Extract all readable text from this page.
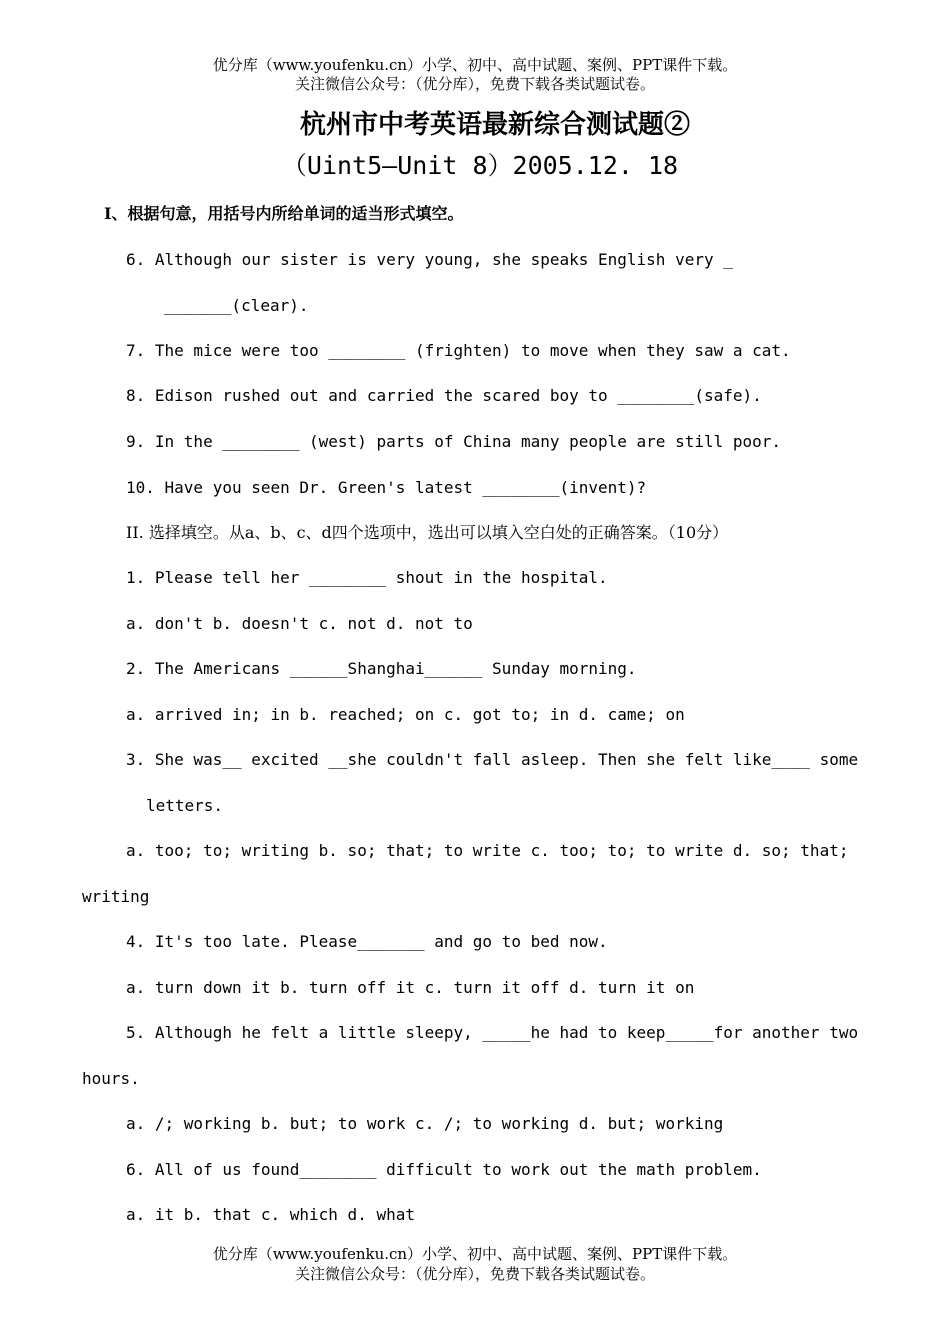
优分库（www.youfenku.cn）小学、初中、高中试题、案例、PPT课件下载。
关注微信公众号：（优分库），免费下载各类试题试卷。
杭州市中考英语最新综合测试题②
（Uint5—Unit 8）2005.12. 18
Ⅰ、根据句意，用括号内所给单词的适当形式填空。
6. Although our sister is very young, she speaks English very _
_______(clear).
7. The mice were too ________ (frighten) to move when they saw a cat.
8. Edison rushed out and carried the scared boy to ________(safe).
9. In the ________ (west) parts of China many people are still poor.
10. Have you seen Dr. Green's latest ________(invent)?
II. 选择填空。从a、b、c、d四个选项中，选出可以填入空白处的正确答案。（10分）
1. Please tell her ________ shout in the hospital.
a. don't b. doesn't c. not d. not to
2. The Americans ______Shanghai______ Sunday morning.
a. arrived in; in b. reached; on c. got to; in d. came; on
3. She was__ excited __she couldn't fall asleep. Then she felt like____ some
letters.
a. too; to; writing b. so; that; to write c. too; to; to write d. so; that;
writing
4. It's too late. Please_______ and go to bed now.
a. turn down it b. turn off it c. turn it off d. turn it on
5. Although he felt a little sleepy, _____he had to keep_____for another two
hours.
a. /; working b. but; to work c. /; to working d. but; working
6. All of us found________ difficult to work out the math problem.
a. it b. that c. which d. what
优分库（www.youfenku.cn）小学、初中、高中试题、案例、PPT课件下载。
关注微信公众号：（优分库），免费下载各类试题试卷。
